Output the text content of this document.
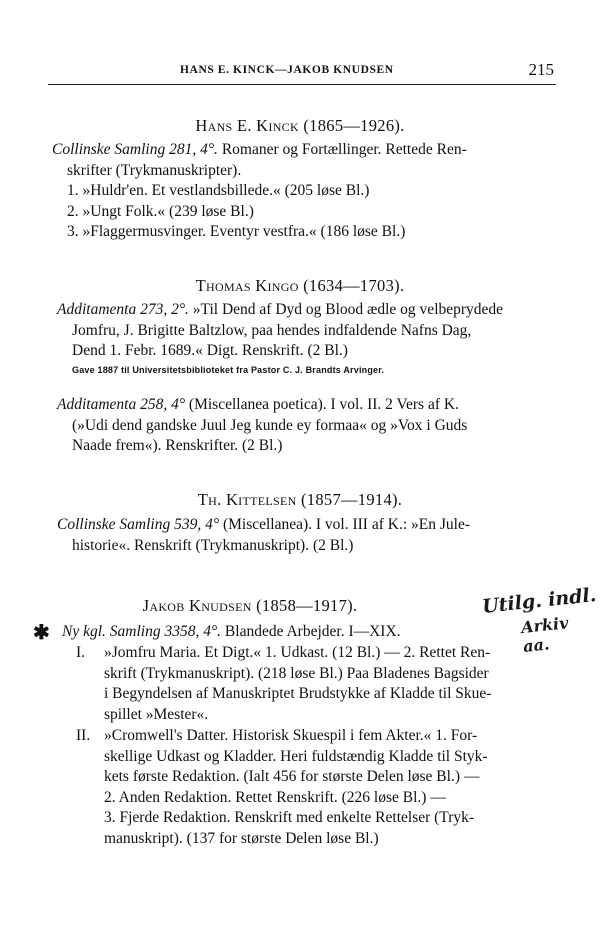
HANS E. KINCK—JAKOB KNUDSEN	215
Hans E. Kinck (1865—1926).
Collinske Samling 281, 4°. Romaner og Fortællinger. Rettede Ren-
skrifter (Trykmanuskripter).
1. »Huldr'en. Et vestlandsbillede.« (205 løse Bl.)
2. »Ungt Folk.« (239 løse Bl.)
3. »Flaggermusvinger. Eventyr vestfra.« (186 løse Bl.)
Thomas Kingo (1634—1703).
Additamenta 273, 2°. »Til Dend af Dyd og Blood ædle og velbeprydede
Jomfru, J. Brigitte Baltzlow, paa hendes indfaldende Nafns Dag,
Dend 1. Febr. 1689.« Digt. Renskrift. (2 Bl.)
Gave 1887 til Universitetsbiblioteket fra Pastor C. J. Brandts Arvinger.
Additamenta 258, 4° (Miscellanea poetica). I vol. II. 2 Vers af K.
(»Udi dend gandske Juul Jeg kunde ey formaa« og »Vox i Guds
Naade frem«). Renskrifter. (2 Bl.)
Th. Kittelsen (1857—1914).
Collinske Samling 539, 4° (Miscellanea). I vol. III af K.: »En Jule-
historie«. Renskrift (Trykmanuskript). (2 Bl.)
Jakob Knudsen (1858—1917).
✱ Ny kgl. Samling 3358, 4°. Blandede Arbejder. I—XIX.
I.	»Jomfru Maria. Et Digt.« 1. Udkast. (12 Bl.) — 2. Rettet Ren-
skrift (Trykmanuskript). (218 løse Bl.) Paa Bladenes Bagsider
i Begyndelsen af Manuskriptet Brudstykke af Kladde til Skue-
spillet »Mester«.
II. »Cromwell's Datter. Historisk Skuespil i fem Akter.« 1. For-
skellige Udkast og Kladder. Heri fuldstændig Kladde til Styk-
kets første Redaktion. (Ialt 456 for største Delen løse Bl.) —
2. Anden Redaktion. Rettet Renskrift. (226 løse Bl.) —
3. Fjerde Redaktion. Renskrift med enkelte Rettelser (Tryk-
manuskript). (137 for største Delen løse Bl.)
Utilg. indl.
Arkiv aa.
